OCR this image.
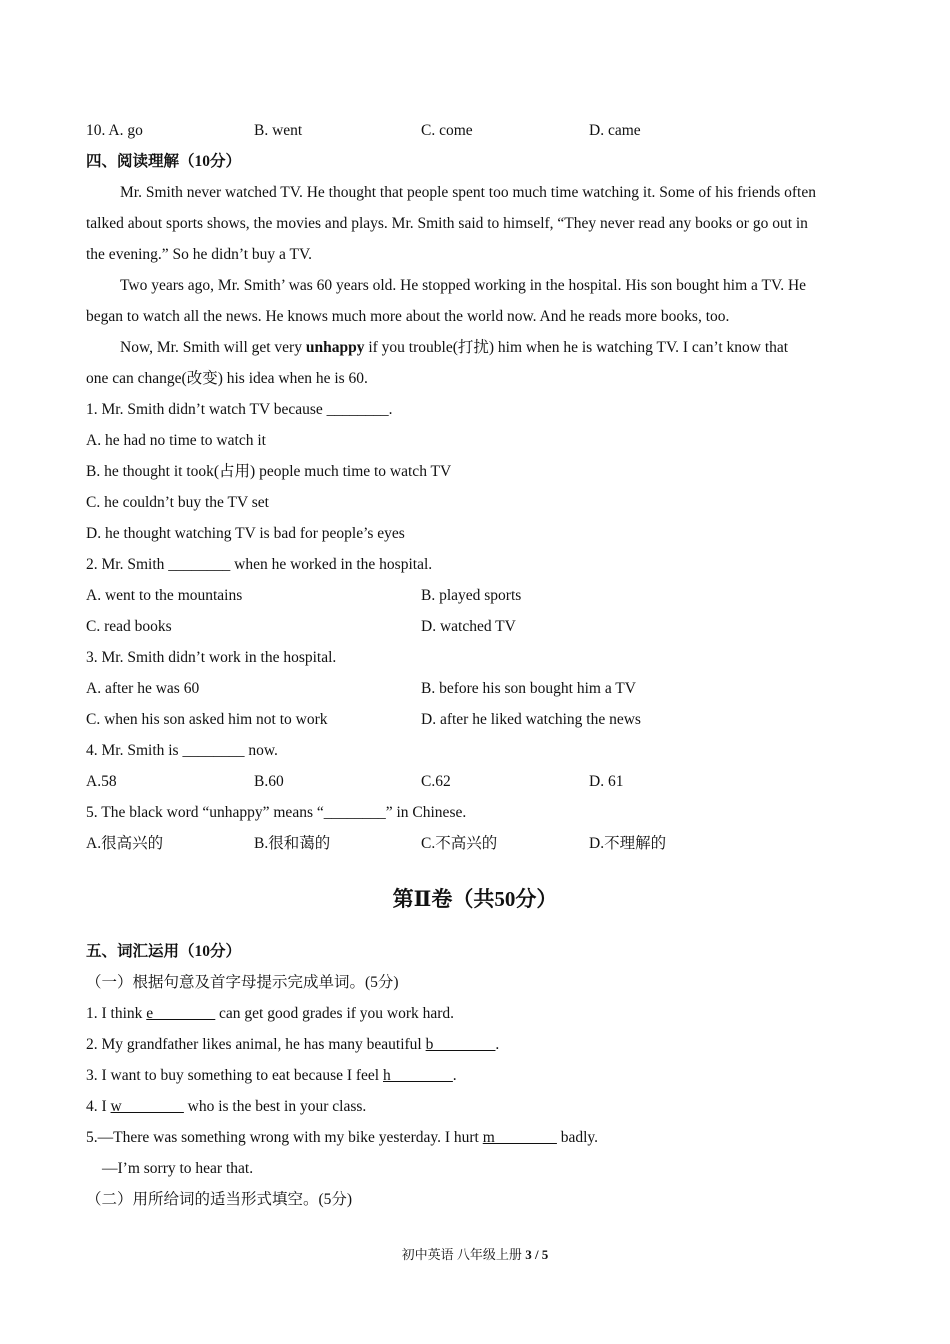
10. A. go	B. went	C. come	D. came
四、阅读理解（10分）
Mr. Smith never watched TV. He thought that people spent too much time watching it. Some of his friends often
talked about sports shows, the movies and plays. Mr. Smith said to himself, “They never read any books or go out in
the evening.” So he didn’t buy a TV.
Two years ago, Mr. Smith’ was 60 years old. He stopped working in the hospital. His son bought him a TV. He
began to watch all the news. He knows much more about the world now. And he reads more books, too.
Now, Mr. Smith will get very unhappy if you trouble(打扰) him when he is watching TV. I can’t know that
one can change(改变) his idea when he is 60.
1. Mr. Smith didn’t watch TV because ________.
A. he had no time to watch it
B. he thought it took(占用) people much time to watch TV
C. he couldn’t buy the TV set
D. he thought watching TV is bad for people’s eyes
2. Mr. Smith ________ when he worked in the hospital.
A. went to the mountains	B. played sports
C. read books	D. watched TV
3. Mr. Smith didn’t work in the hospital.
A. after he was 60	B. before his son bought him a TV
C. when his son asked him not to work	D. after he liked watching the news
4. Mr. Smith is ________ now.
A.58	B.60	C.62	D. 61
5. The black word “unhappy” means “________” in Chinese.
A.很高兴的	B.很和蔼的	C.不高兴的	D.不理解的
第Ⅱ卷（共50分）
五、词汇运用（10分）
（一）根据句意及首字母提示完成单词。(5分)
1. I think e________ can get good grades if you work hard.
2. My grandfather likes animal, he has many beautiful b________.
3. I want to buy something to eat because I feel h________.
4. I w________ who is the best in your class.
5.—There was something wrong with my bike yesterday. I hurt m________ badly.
—I’m sorry to hear that.
（二）用所给词的适当形式填空。(5分)
初中英语 八年级上册 3 / 5
